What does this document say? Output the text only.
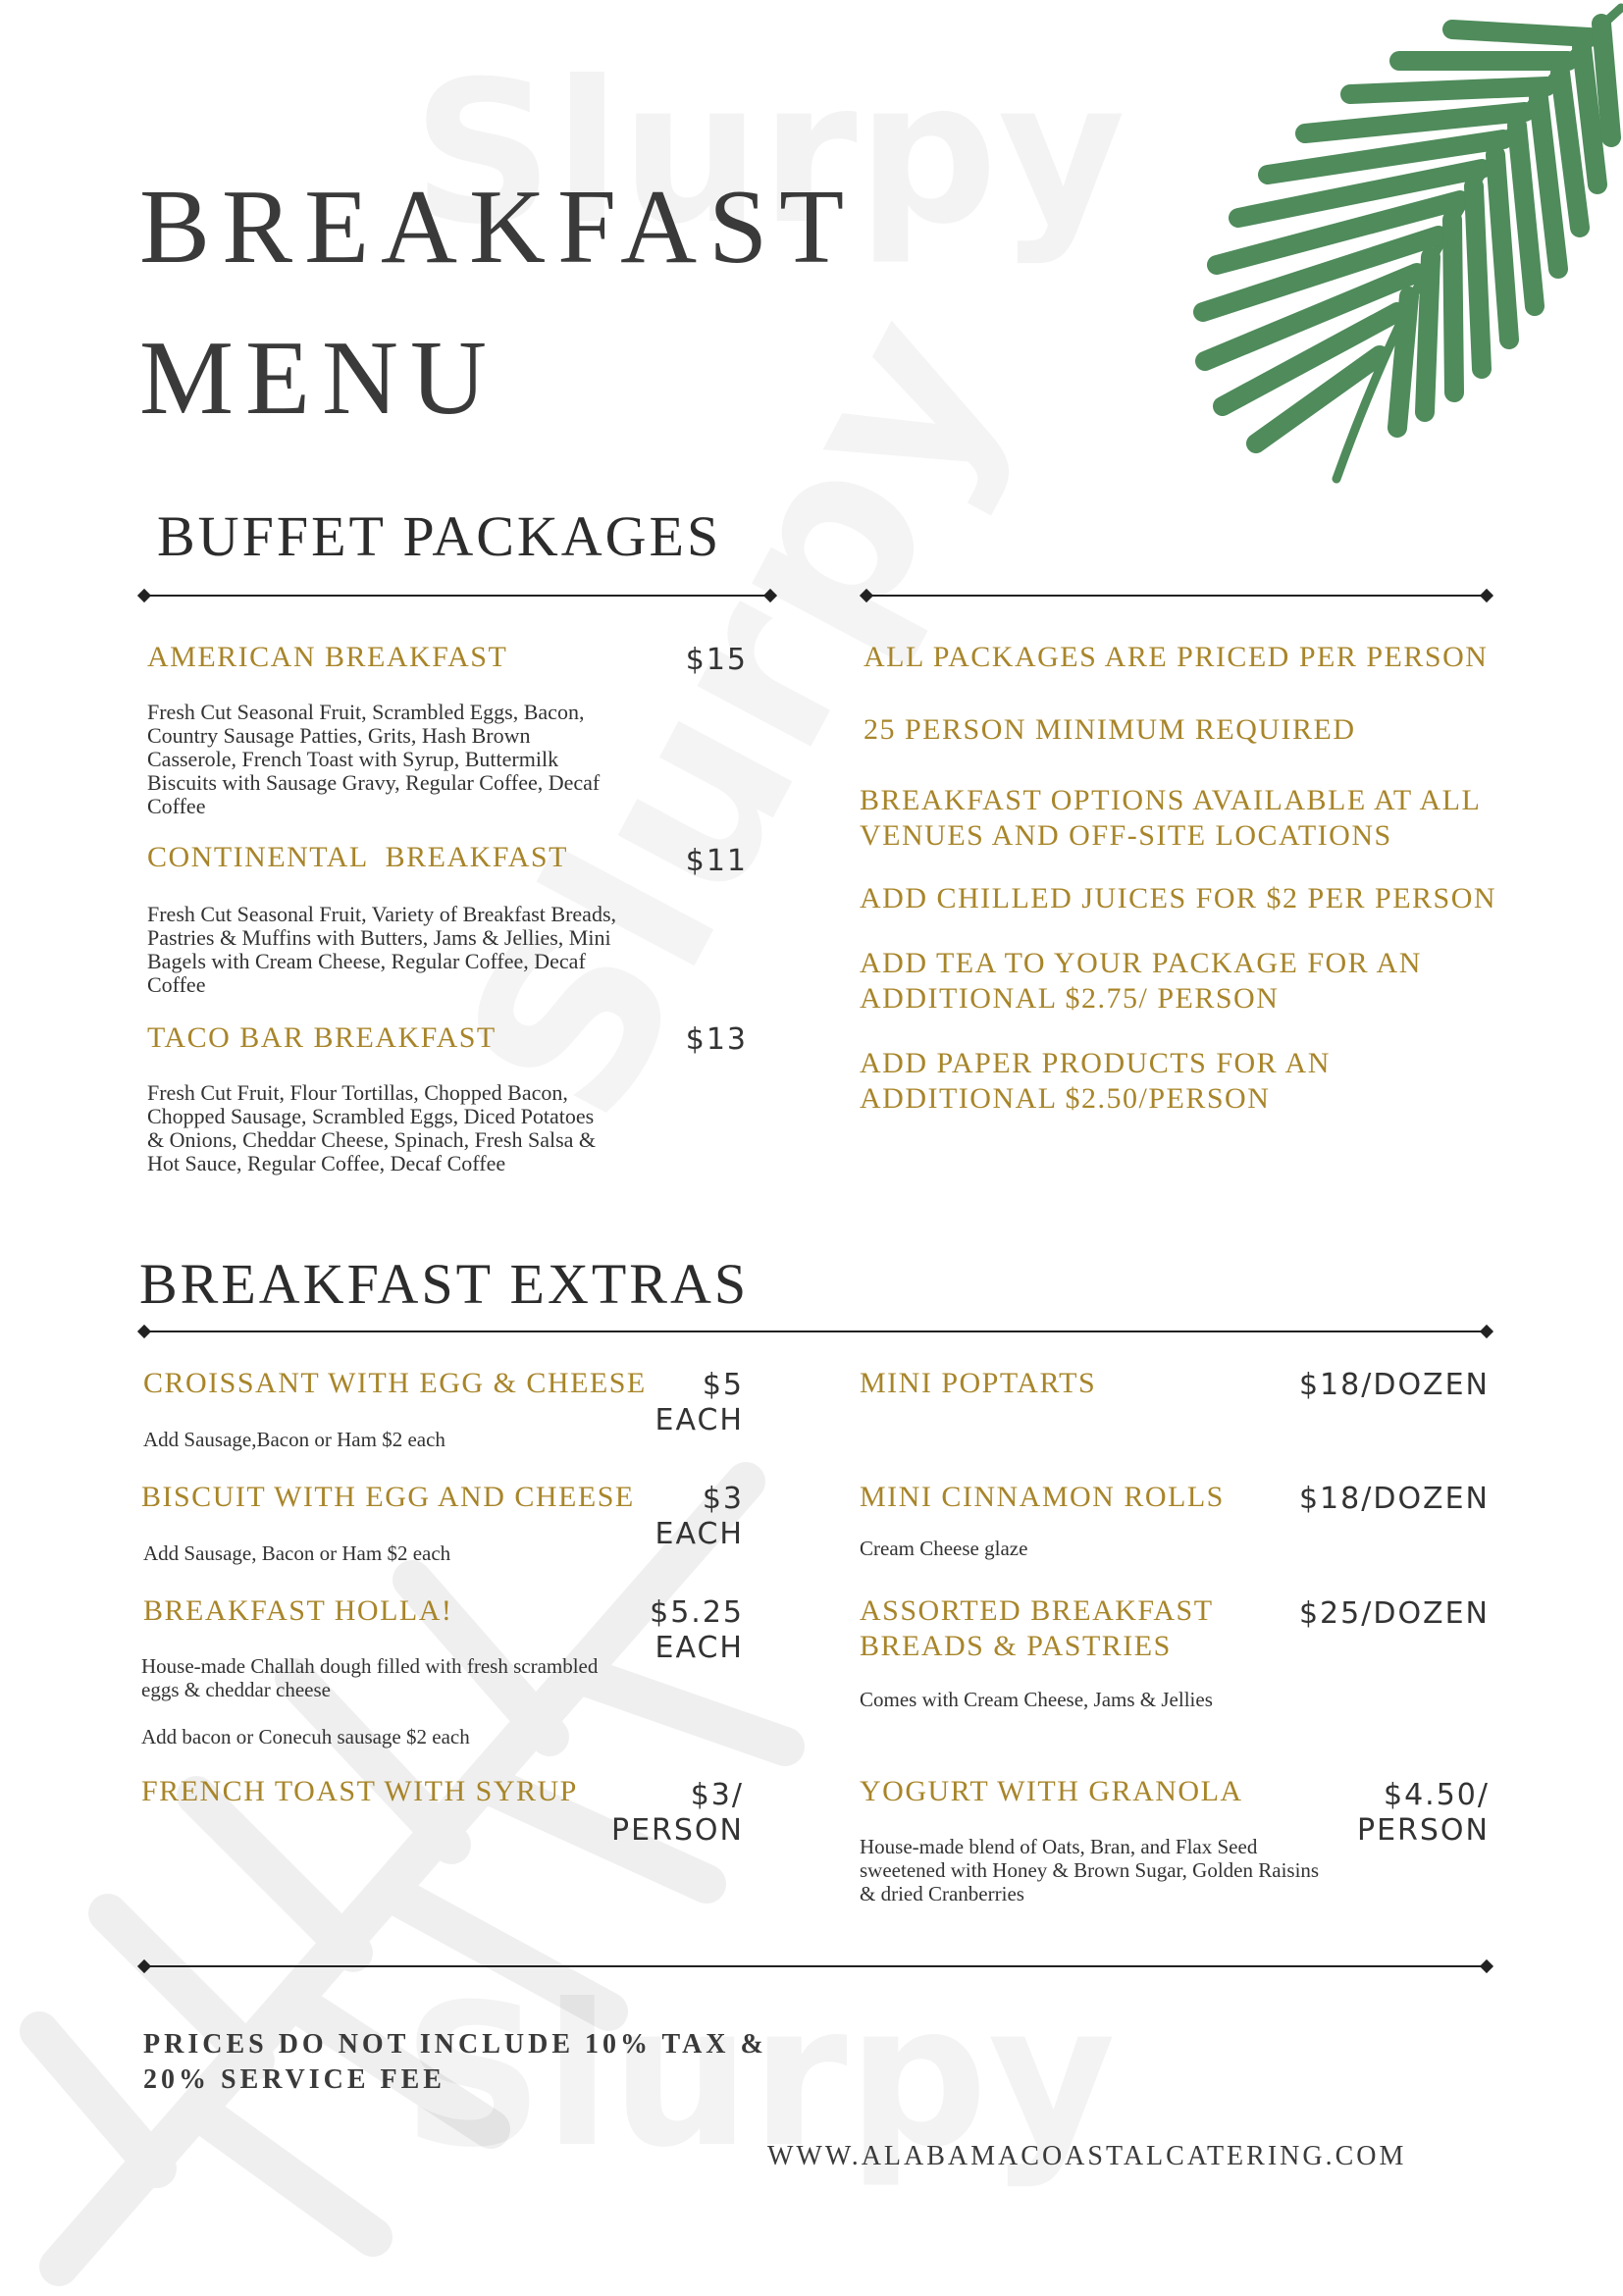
BREAKFAST
MENU
BUFFET PACKAGES
AMERICAN BREAKFAST	$15
Fresh Cut Seasonal Fruit, Scrambled Eggs, Bacon, Country Sausage Patties, Grits, Hash Brown Casserole, French Toast with Syrup, Buttermilk Biscuits with Sausage Gravy, Regular Coffee, Decaf Coffee
CONTINENTAL  BREAKFAST	$11
Fresh Cut Seasonal Fruit, Variety of Breakfast Breads, Pastries & Muffins with Butters, Jams & Jellies, Mini Bagels with Cream Cheese, Regular Coffee, Decaf Coffee
TACO BAR BREAKFAST	$13
Fresh Cut Fruit, Flour Tortillas, Chopped Bacon, Chopped Sausage, Scrambled Eggs, Diced Potatoes & Onions, Cheddar Cheese, Spinach, Fresh Salsa & Hot Sauce, Regular Coffee, Decaf Coffee
ALL PACKAGES ARE PRICED PER PERSON
25 PERSON MINIMUM REQUIRED
BREAKFAST OPTIONS AVAILABLE AT ALL VENUES AND OFF-SITE LOCATIONS
ADD CHILLED JUICES FOR $2 PER PERSON
ADD TEA TO YOUR PACKAGE FOR AN ADDITIONAL $2.75/ PERSON
ADD PAPER PRODUCTS FOR AN ADDITIONAL $2.50/PERSON
BREAKFAST EXTRAS
CROISSANT WITH EGG & CHEESE $5
EACH
Add Sausage,Bacon or Ham $2 each
BISCUIT WITH EGG AND CHEESE $3
EACH
Add Sausage, Bacon or Ham $2 each
BREAKFAST HOLLA!	$5.25
EACH
House-made Challah dough filled with fresh scrambled eggs & cheddar cheese
Add bacon or Conecuh sausage $2 each
FRENCH TOAST WITH SYRUP	$3/
PERSON
MINI POPTARTS	$18/DOZEN
MINI CINNAMON ROLLS	$18/DOZEN
Cream Cheese glaze
ASSORTED BREAKFAST BREADS & PASTRIES
$25/DOZEN
Comes with Cream Cheese, Jams & Jellies
YOGURT WITH GRANOLA	$4.50/
PERSON
House-made blend of Oats, Bran, and Flax Seed sweetened with Honey & Brown Sugar, Golden Raisins & dried Cranberries
PRICES DO NOT INCLUDE 10% TAX & 20% SERVICE FEE
WWW.ALABAMACOASTALCATERING.COM
